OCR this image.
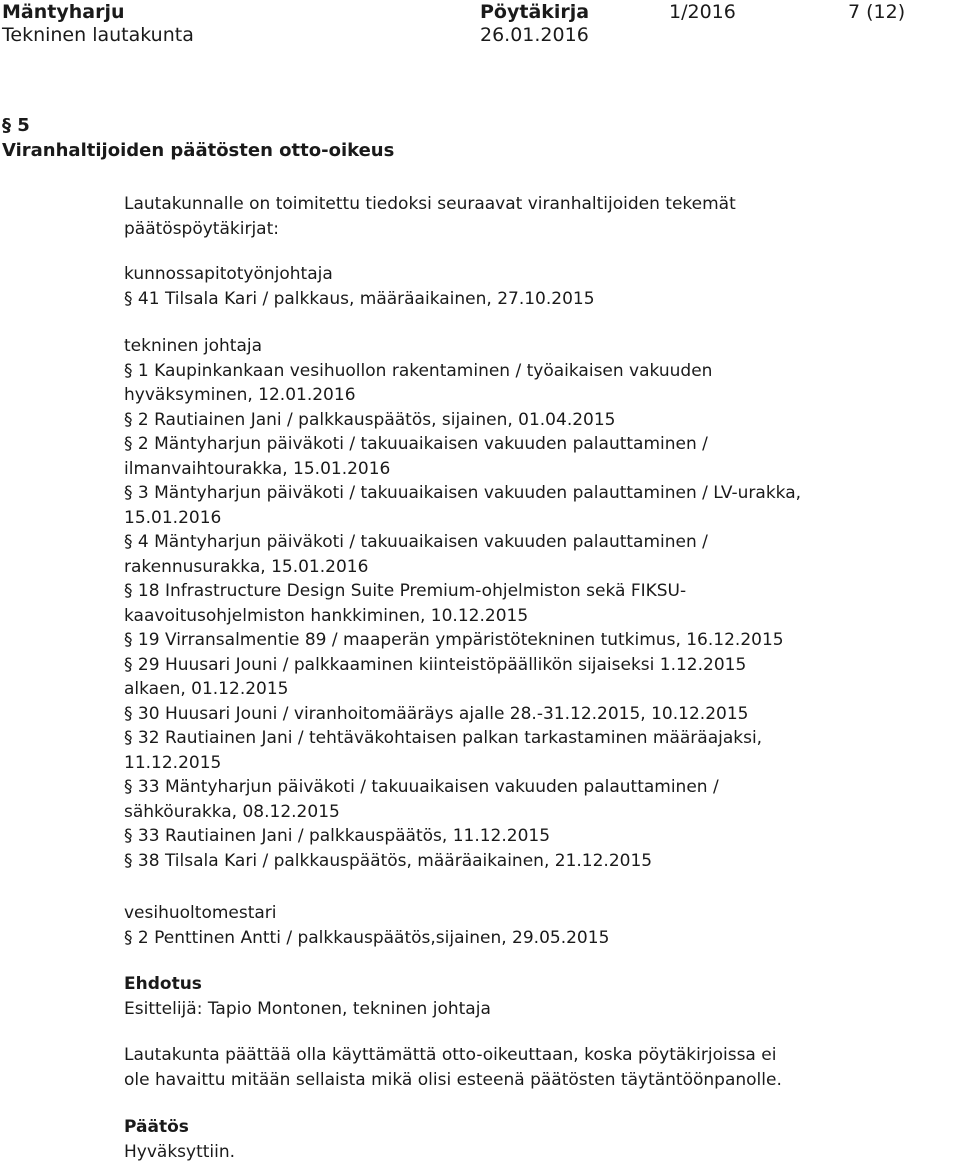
Mäntyharju	Pöytäkirja	1/2016	7 (12)
Tekninen lautakunta	26.01.2016
§ 5
Viranhaltijoiden päätösten otto-oikeus
Lautakunnalle on toimitettu tiedoksi seuraavat viranhaltijoiden tekemät
päätöspöytäkirjat:
kunnossapitotyönjohtaja
§ 41 Tilsala Kari / palkkaus, määräaikainen, 27.10.2015
tekninen johtaja
§ 1 Kaupinkankaan vesihuollon rakentaminen / työaikaisen vakuuden
hyväksyminen, 12.01.2016
§ 2 Rautiainen Jani / palkkauspäätös, sijainen, 01.04.2015
§ 2 Mäntyharjun päiväkoti / takuuaikaisen vakuuden palauttaminen /
ilmanvaihtourakka, 15.01.2016
§ 3 Mäntyharjun päiväkoti / takuuaikaisen vakuuden palauttaminen / LV-urakka,
15.01.2016
§ 4 Mäntyharjun päiväkoti / takuuaikaisen vakuuden palauttaminen /
rakennusurakka, 15.01.2016
§ 18 Infrastructure Design Suite Premium-ohjelmiston sekä FIKSU-
kaavoitusohjelmiston hankkiminen, 10.12.2015
§ 19 Virransalmentie 89 / maaperän ympäristötekninen tutkimus, 16.12.2015
§ 29 Huusari Jouni / palkkaaminen kiinteistöpäällikön sijaiseksi 1.12.2015
alkaen, 01.12.2015
§ 30 Huusari Jouni / viranhoitomääräys ajalle 28.-31.12.2015, 10.12.2015
§ 32 Rautiainen Jani / tehtäväkohtaisen palkan tarkastaminen määräajaksi,
11.12.2015
§ 33 Mäntyharjun päiväkoti / takuuaikaisen vakuuden palauttaminen /
sähköurakka, 08.12.2015
§ 33 Rautiainen Jani / palkkauspäätös, 11.12.2015
§ 38 Tilsala Kari / palkkauspäätös, määräaikainen, 21.12.2015
vesihuoltomestari
§ 2 Penttinen Antti / palkkauspäätös,sijainen, 29.05.2015
Ehdotus
Esittelijä: Tapio Montonen, tekninen johtaja
Lautakunta päättää olla käyttämättä otto-oikeuttaan, koska pöytäkirjoissa ei
ole havaittu mitään sellaista mikä olisi esteenä päätösten täytäntöönpanolle.
Päätös
Hyväksyttiin.
